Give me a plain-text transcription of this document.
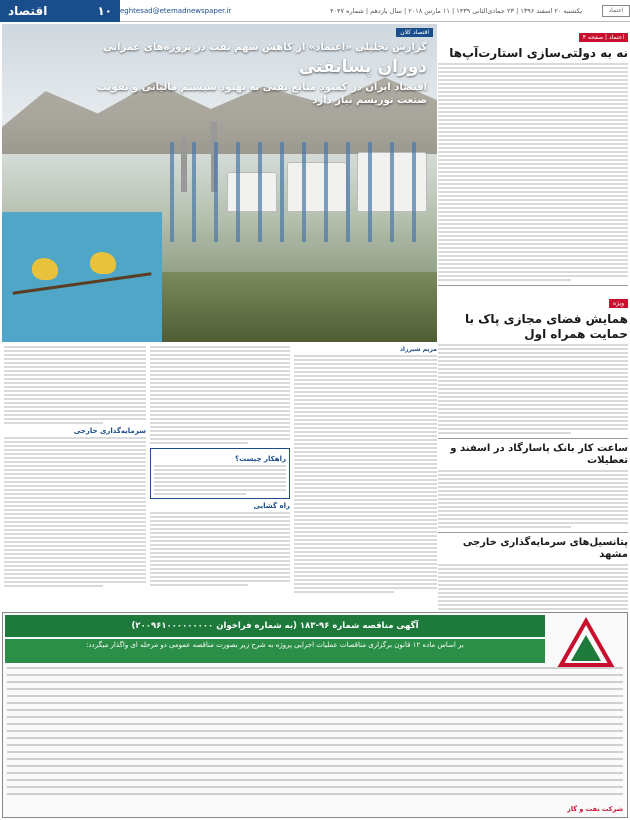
اعتماد
یکشنبه ۲۰ اسفند ۱۳۹۶ | ۲۳ جمادی‌الثانی ۱۴۳۹ | ۱۱ مارس ۲۰۱۸ | سال یازدهم | شماره ۴۰۴۷
eghtesad@etemadnewspaper.ir
۱۰
اقتصاد
اقتصاد کلان
گزارش تحلیلی «اعتماد» از کاهش سهم نفت در پروژه‌های عمرانی
دوران پسانفتی
اقتصاد ایران در کمبود منابع نفتی به بهبود سیستم مالیاتی و تقویت صنعت توریسم نیاز دارد
اعتماد | صفحه ۴
نه به دولتی‌سازی استارت‌آپ‌ها
ویژه
همایش فضای مجازی پاک با حمایت همراه اول
ساعت کار بانک پاسارگاد در اسفند و تعطیلات
پتانسیل‌های سرمایه‌گذاری خارجی مشهد
مریم شیرزاد
راهکار چیست؟
راه گشایی
سرمایه‌گذاری خارجی
آگهی مناقصه شماره ۹۶-۱۸۳ (به شماره فراخوان ۲۰۰۹۶۱۰۰۰۰۰۰۰۰۰)
بر اساس ماده ۱۲ قانون برگزاری مناقصات عملیات اجرایی پروژه به شرح زیر بصورت مناقصه عمومی دو مرحله ای واگذار میگردد:
شرکت نفت و گاز
